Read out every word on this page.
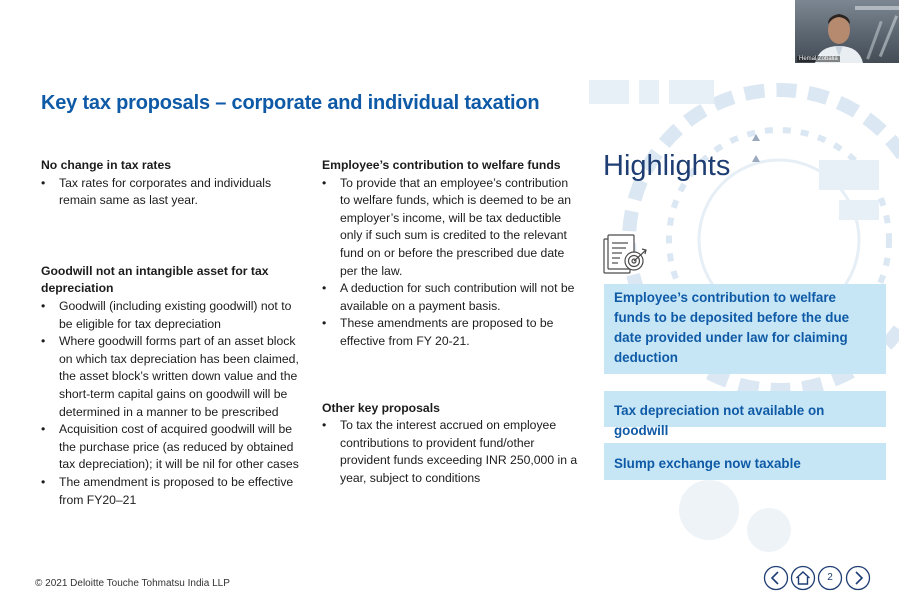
Key tax proposals – corporate and individual taxation
No change in tax rates
• Tax rates for corporates and individuals remain same as last year.
Goodwill not an intangible asset for tax depreciation
• Goodwill (including existing goodwill) not to be eligible for tax depreciation
• Where goodwill forms part of an asset block on which tax depreciation has been claimed, the asset block’s written down value and the short-term capital gains on goodwill will be determined in a manner to be prescribed
• Acquisition cost of acquired goodwill will be the purchase price (as reduced by obtained tax depreciation); it will be nil for other cases
• The amendment is proposed to be effective from FY20–21
Employee’s contribution to welfare funds
• To provide that an employee’s contribution to welfare funds, which is deemed to be an employer’s income, will be tax deductible only if such sum is credited to the relevant fund on or before the prescribed due date per the law.
• A deduction for such contribution will not be available on a payment basis.
• These amendments are proposed to be effective from FY 20-21.
Other key proposals
• To tax the interest accrued on employee contributions to provident fund/other provident funds exceeding INR 250,000 in a year, subject to conditions
Highlights
Employee’s contribution to welfare funds to be deposited before the due date provided under law for claiming deduction
Tax depreciation not available on goodwill
Slump exchange now taxable
© 2021 Deloitte Touche Tohmatsu India LLP
2
Hemal Zobalia
